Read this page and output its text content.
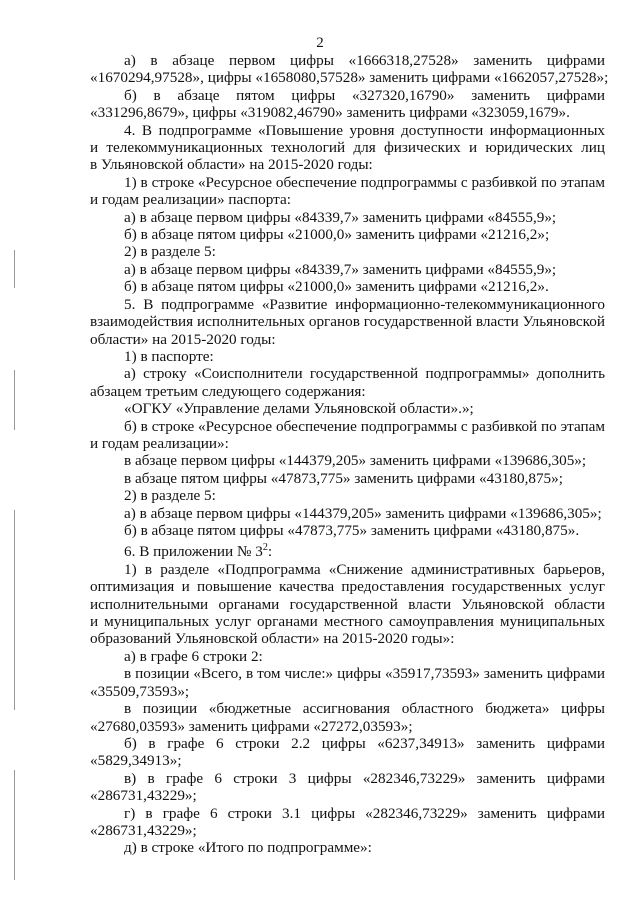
2

а) в абзаце первом цифры «1666318,27528» заменить цифрами

«1670294,97528», цифры «1658080,57528» заменить цифрами «1662057,27528»;

б) в абзаце пятом цифры «327320,16790» заменить цифрами

«331296,8679», цифры «319082,46790» заменить цифрами «323059,1679».

4. В подпрограмме «Повышение уровня доступности информационных

и телекоммуникационных технологий для физических и юридических лиц

в Ульяновской области» на 2015-2020 годы:

1) в строке «Ресурсное обеспечение подпрограммы с разбивкой по этапам

и годам реализации» паспорта:

а) в абзаце первом цифры «84339,7» заменить цифрами «84555,9»;

б) в абзаце пятом цифры «21000,0» заменить цифрами «21216,2»;

2) в разделе 5:

а) в абзаце первом цифры «84339,7» заменить цифрами «84555,9»;

б) в абзаце пятом цифры «21000,0» заменить цифрами «21216,2».

5. В подпрограмме «Развитие информационно-телекоммуникационного

взаимодействия исполнительных органов государственной власти Ульяновской

области» на 2015-2020 годы:

1) в паспорте:

а) строку «Соисполнители государственной подпрограммы» дополнить

абзацем третьим следующего содержания:

«ОГКУ «Управление делами Ульяновской области».»;

б) в строке «Ресурсное обеспечение подпрограммы с разбивкой по этапам

и годам реализации»:

в абзаце первом цифры «144379,205» заменить цифрами «139686,305»;

в абзаце пятом цифры «47873,775» заменить цифрами «43180,875»;

2) в разделе 5:

а) в абзаце первом цифры «144379,205» заменить цифрами «139686,305»;

б) в абзаце пятом цифры «47873,775» заменить цифрами «43180,875».

6. В приложении № $3^2$:

1) в разделе «Подпрограмма «Снижение административных барьеров,

оптимизация и повышение качества предоставления государственных услуг

исполнительными органами государственной власти Ульяновской области

и муниципальных услуг органами местного самоуправления муниципальных

образований Ульяновской области» на 2015-2020 годы»:

а) в графе 6 строки 2:

в позиции «Всего, в том числе:» цифры «35917,73593» заменить цифрами

«35509,73593»;

в позиции «бюджетные ассигнования областного бюджета» цифры

«27680,03593» заменить цифрами «27272,03593»;

б) в графе 6 строки 2.2 цифры «6237,34913» заменить цифрами

«5829,34913»;

в) в графе 6 строки 3 цифры «282346,73229» заменить цифрами

«286731,43229»;

г) в графе 6 строки 3.1 цифры «282346,73229» заменить цифрами

«286731,43229»;

д) в строке «Итого по подпрограмме»:
